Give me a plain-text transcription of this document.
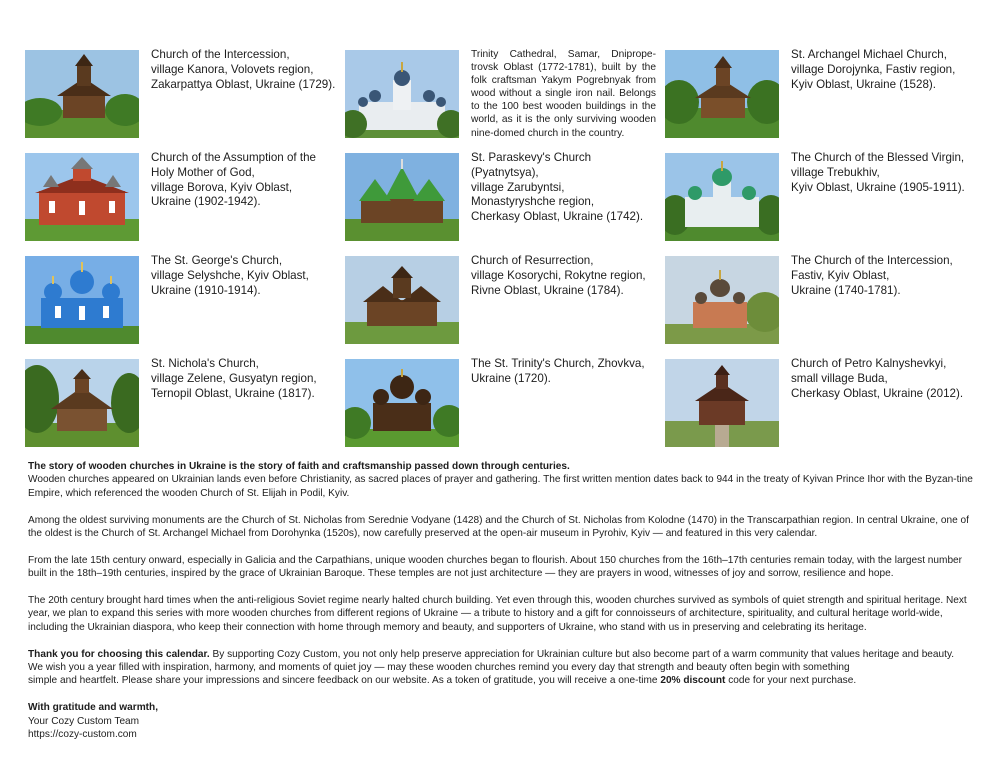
Church of the Intercession,
village Kanora, Volovets region,
Zakarpattya Oblast, Ukraine (1729).
Trinity Cathedral, Samar, Dniprope-trovsk Oblast (1772-1781), built by the folk craftsman Yakym Pogrebnyak from wood without a single iron nail. Belongs to the 100 best wooden buildings in the world, as it is the only surviving wooden nine-domed church in the country.
St. Archangel Michael Church,
village Dorojynka, Fastiv region,
Kyiv Oblast, Ukraine (1528).
Church of the Assumption of the
Holy Mother of God,
village Borova, Kyiv Oblast,
Ukraine (1902-1942).
St. Paraskevy's Church (Pyatnytsya),
village Zarubyntsi,
Monastyryshche region,
Cherkasy Oblast, Ukraine (1742).
The Church of the Blessed Virgin,
village Trebukhiv,
Kyiv Oblast, Ukraine (1905-1911).
The St. George's Church,
village Selyshche, Kyiv Oblast,
Ukraine (1910-1914).
Church of Resurrection,
village Kosorychi, Rokytne region,
Rivne Oblast, Ukraine (1784).
The Church of the Intercession,
Fastiv, Kyiv Oblast,
Ukraine (1740-1781).
St. Nichola's Church,
village Zelene, Gusyatyn region,
Ternopil Oblast, Ukraine (1817).
The St. Trinity's Church, Zhovkva,
Ukraine (1720).
Church of Petro Kalnyshevkyi,
small village Buda,
Cherkasy Oblast, Ukraine (2012).

The story of wooden churches in Ukraine is the story of faith and craftsmanship passed down through centuries.

Wooden churches appeared on Ukrainian lands even before Christianity, as sacred places of prayer and gathering. The first written mention dates back to 944 in the treaty of Kyivan Prince Ihor with the Byzan-tine Empire, which referenced the wooden Church of St. Elijah in Podil, Kyiv.

Among the oldest surviving monuments are the Church of St. Nicholas from Serednie Vodyane (1428) and the Church of St. Nicholas from Kolodne (1470) in the Transcarpathian region. In central Ukraine, one of the oldest is the Church of St. Archangel Michael from Dorohynka (1520s), now carefully preserved at the open-air museum in Pyrohiv, Kyiv — and featured in this very calendar.

From the late 15th century onward, especially in Galicia and the Carpathians, unique wooden churches began to flourish. About 150 churches from the 16th–17th centuries remain today, with the largest number built in the 18th–19th centuries, inspired by the grace of Ukrainian Baroque. These temples are not just architecture — they are prayers in wood, witnesses of joy and sorrow, resilience and hope.

The 20th century brought hard times when the anti-religious Soviet regime nearly halted church building. Yet even through this, wooden churches survived as symbols of quiet strength and spiritual heritage. Next year, we plan to expand this series with more wooden churches from different regions of Ukraine — a tribute to history and a gift for connoisseurs of architecture, spirituality, and cultural heritage world-wide, including the Ukrainian diaspora, who keep their connection with home through memory and beauty, and supporters of Ukraine, who stand with us in preserving and celebrating its heritage.

Thank you for choosing this calendar. By supporting Cozy Custom, you not only help preserve appreciation for Ukrainian culture but also become part of a warm community that values heritage and beauty.

We wish you a year filled with inspiration, harmony, and moments of quiet joy — may these wooden churches remind you every day that strength and beauty often begin with something

simple and heartfelt. Please share your impressions and sincere feedback on our website. As a token of gratitude, you will receive a one-time 20% discount code for your next purchase.

With gratitude and warmth,

Your Cozy Custom Team

https://cozy-custom.com
